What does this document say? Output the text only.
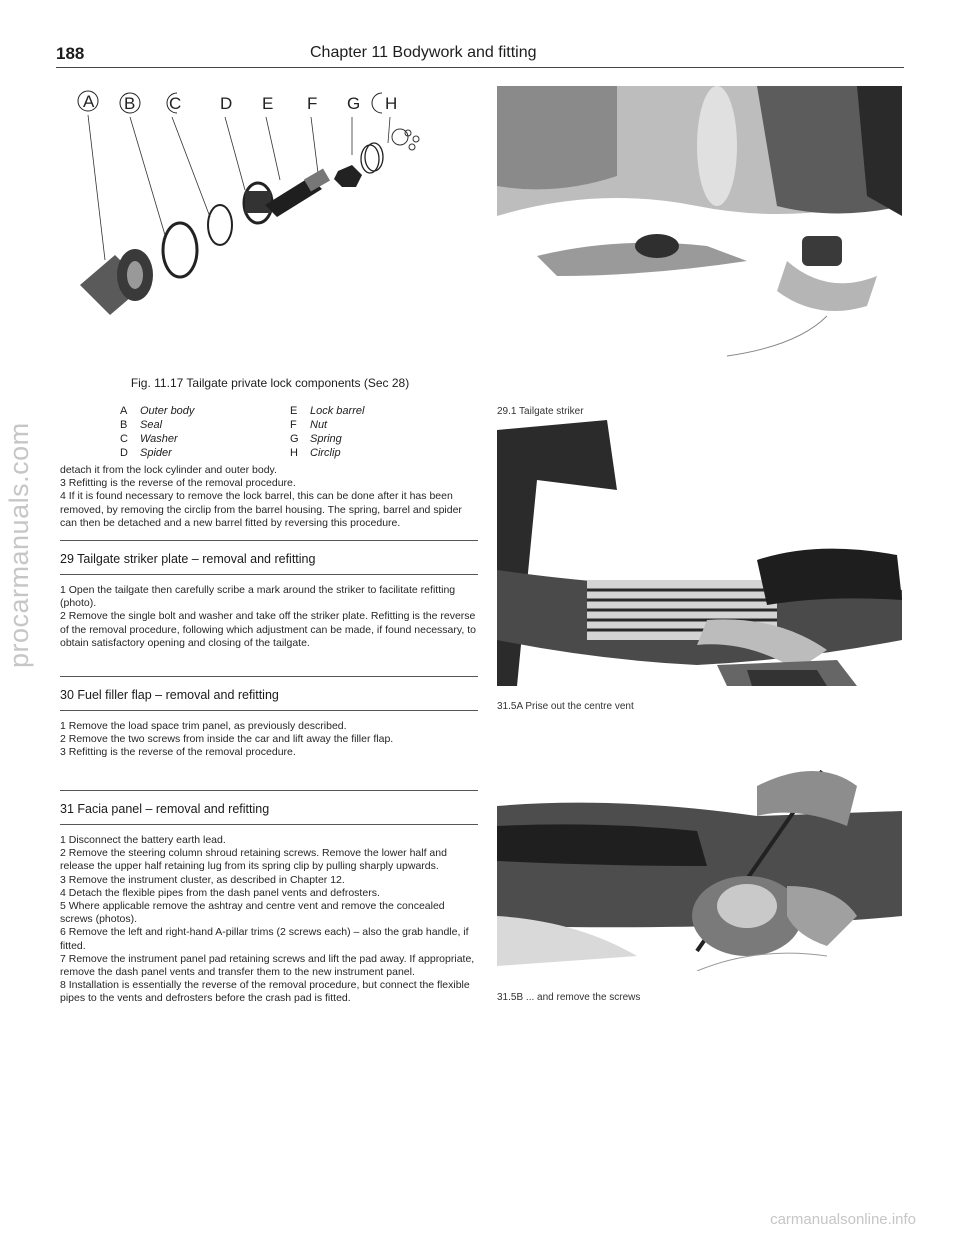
procarmanuals.com
188	Chapter 11 Bodywork and fitting
A B C D E F G H
Fig. 11.17 Tailgate private lock components (Sec 28)
A	Outer body	E	Lock barrel
B	Seal	F	Nut
C	Washer	G	Spring
D	Spider	H	Circlip

detach it from the lock cylinder and outer body.

3 Refitting is the reverse of the removal procedure.

4 If it is found necessary to remove the lock barrel, this can be done after it has been removed, by removing the circlip from the barrel housing. The spring, barrel and spider can then be detached and a new barrel fitted by reversing this procedure.

29 Tailgate striker plate – removal and refitting

1 Open the tailgate then carefully scribe a mark around the striker to facilitate refitting (photo).

2 Remove the single bolt and washer and take off the striker plate. Refitting is the reverse of the removal procedure, following which adjustment can be made, if found necessary, to obtain satisfactory opening and closing of the tailgate.

30 Fuel filler flap – removal and refitting

1 Remove the load space trim panel, as previously described.

2 Remove the two screws from inside the car and lift away the filler flap.

3 Refitting is the reverse of the removal procedure.

31 Facia panel – removal and refitting

1 Disconnect the battery earth lead.

2 Remove the steering column shroud retaining screws. Remove the lower half and release the upper half retaining lug from its spring clip by pulling sharply upwards.

3 Remove the instrument cluster, as described in Chapter 12.

4 Detach the flexible pipes from the dash panel vents and defrosters.

5 Where applicable remove the ashtray and centre vent and remove the concealed screws (photos).

6 Remove the left and right-hand A-pillar trims (2 screws each) – also the grab handle, if fitted.

7 Remove the instrument panel pad retaining screws and lift the pad away. If appropriate, remove the dash panel vents and transfer them to the new instrument panel.

8 Installation is essentially the reverse of the removal procedure, but connect the flexible pipes to the vents and defrosters before the crash pad is fitted.

29.1 Tailgate striker
31.5A Prise out the centre vent
31.5B ... and remove the screws
carmanualsonline.info
